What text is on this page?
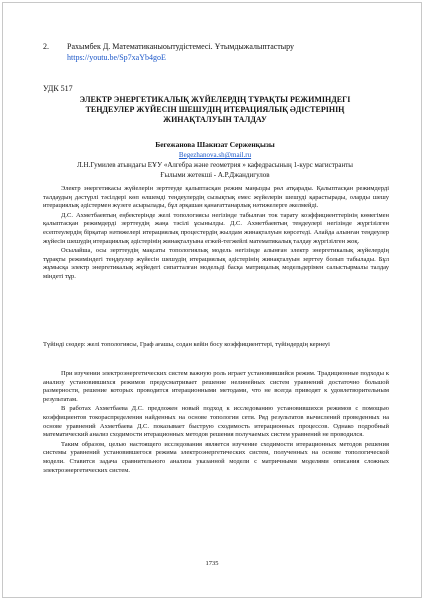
2. Рахымбек Д. Математиканыоытудістемесі. Ұтымдыжалыптастыру
https://youtu.be/Sp7xaYb4goE
УДК 517
ЭЛЕКТР ЭНЕРГЕТИКАЛЫҚ ЖҮЙЕЛЕРДІҢ ТҰРАҚТЫ РЕЖИМІНДЕГІ ТЕҢДЕУЛЕР ЖҮЙЕСІН ШЕШУДІҢ ИТЕРАЦИЯЛЫҚ ӘДІСТЕРІНІҢ ЖИНАҚТАЛУЫН ТАЛДАУ
Бегежанова Шакизат Серженқызы
Begezhanova.sh@mail.ru
Л.Н.Гумилев атындағы ЕҰУ «Алгебра және геометрия » кафедрасының 1-курс магистранты
Ғылыми жетекші - А.Р.Джандигулов

Электр энергетикасы жүйелерін зерттеуде қалыптасқан режим маңызды рөл атқарады. Қалыптасқан режимдерді талдаудың дәстүрлі тәсілдері көп өлшемді теңдеулердің сызықтық емес жүйелерін шешуді қарастырады, оларды шешу итерациялық әдістермен жүзеге асырылады, бұл әрқашан қанағаттанарлық нәтижелерге әкелмейді.

Д.С. Ахметбаевтың еңбектерінде желі топологиясы негізінде табылған ток тарату коэффициенттерінің көмегімен қалыптасқан режимдерді зерттеудің жаңа тәсілі ұсынылды. Д.С. Ахметбаевтың теңдеулері негізінде жүргізілген есептеулердің бірқатар нәтижелері итерациялық процестердің жылдам жинақталуын көрсетеді. Алайда алынған теңдеулер жүйесін шешудің итерациялық әдістерінің жинақталуына егжей-тегжейлі математикалық талдау жүргізілген жоқ.

Осылайша, осы зерттеудің мақсаты топологиялық модель негізінде алынған электр энергетикалық жүйелердің тұрақты режиміндегі теңдеулер жүйесін шешудің итерациялық әдістерінің жинақталуын зерттеу болып табылады. Бұл жұмысқа электр энергетикалық жүйедегі сипатталған модельді басқа матрицалық модельдерімен салыстырмалы талдау міндеті тұр.

Түйінді сөздер: желі топологиясы, Граф ағашы, содан кейін босу коэффициенттері, түйіндердің кернеуі

При изучении электроэнергетических систем важную роль играет установившийся режим. Традиционные подходы к анализу установившихся режимов предусматривает решение нелинейных систем уравнений достаточно большой размерности, решение которых проводится итерационными методами, что не всегда приводят к удовлетворительным результатам.

В работах Ахметбаева Д.С. предложен новый подход к исследованию установившихся режимов с помощью коэффициентов токораспределения найденных на основе топологии сети. Ряд результатов вычислений проведенных на основе уравнений Ахметбаева Д.С. показывает быструю сходимость итерационных процессов. Однако подробный математический анализ сходимости итерационных методов решения получаемых систем уравнений не проводился.

Таким образом, целью настоящего исследования является изучение сходимости итерационных методов решения системы уравнений установившегося режима электроэнергетических систем, полученных на основе топологической модели. Ставится задача сравнительного анализа указанной модели с матричными моделями описания сложных электроэнергетических систем.

1735
